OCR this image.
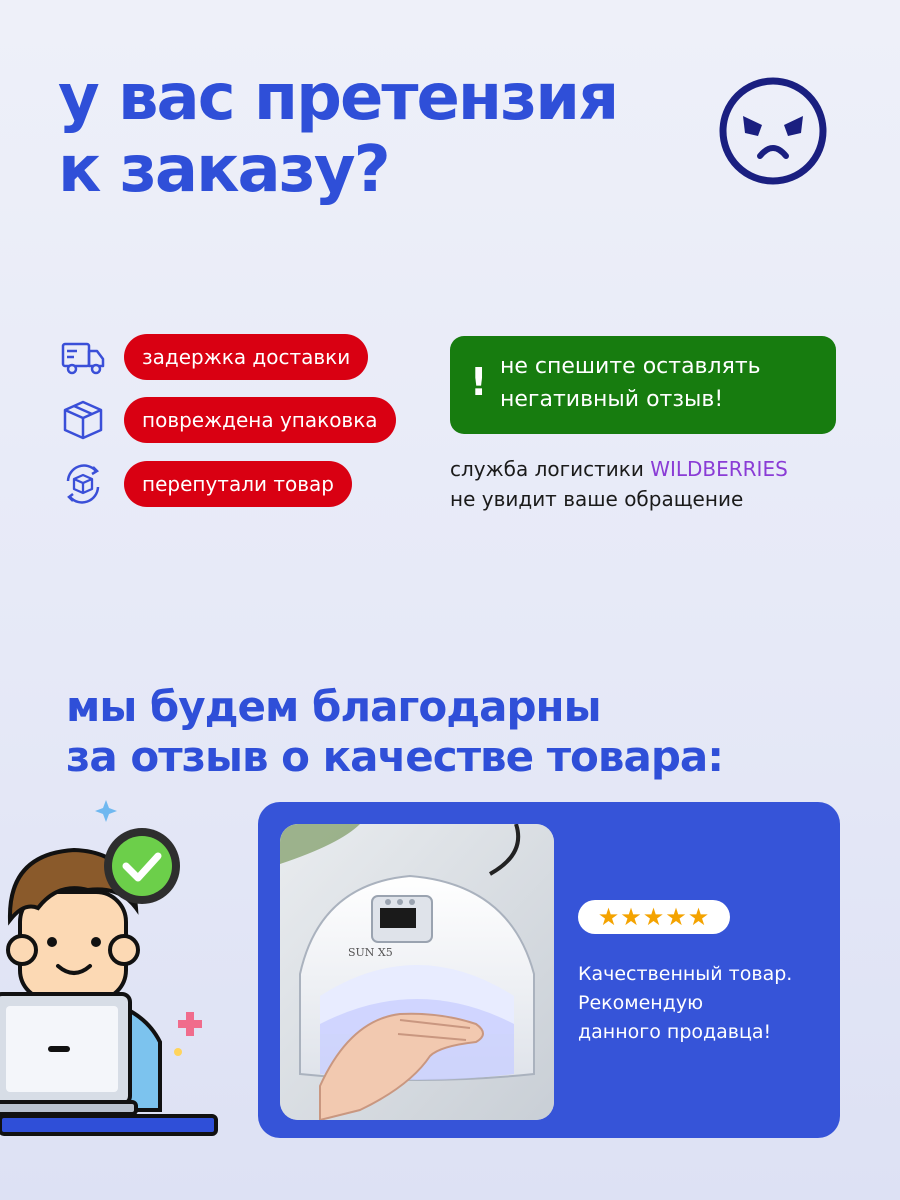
у вас претензия
к заказу?
задержка доставки
повреждена упаковка
перепутали товар
! не спешите оставлять
негативный отзыв!
служба логистики WILDBERRIES
не увидит ваше обращение
мы будем благодарны
за отзыв о качестве товара:
SUN X5
★★★★★
Качественный товар.
Рекомендую
данного продавца!
